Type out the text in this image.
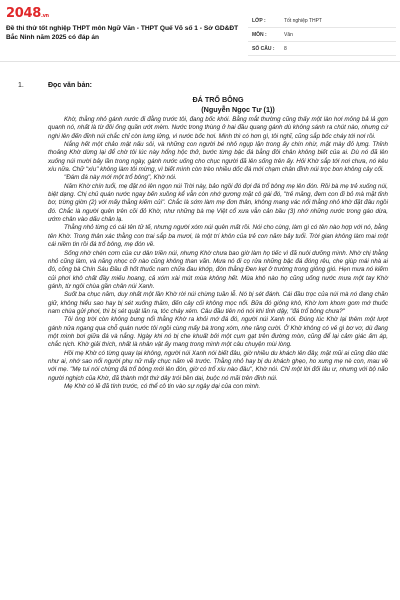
2048.vn
Đề thi thử tốt nghiệp THPT môn Ngữ Văn - THPT Quế Võ số 1 - Sở GD&ĐT Bắc Ninh năm 2025 có đáp án
LỚP :	Tốt nghiệp THPT
MÔN :	Văn
SỐ CÂU :	8
1.	Đọc văn bản:
ĐÁ TRỔ BÔNG
(Nguyễn Ngọc Tư (1))

Khờ, thằng nhỏ gánh nước đi đằng trước tôi, đang bốc khói. Bằng mắt thường cũng thấy một làn hơi mỏng bả lả gợn quanh nó, nhất là từ đôi ống quần ướt mèm. Nước trong thùng ở hai đầu quang gánh dù không sánh ra chút nào, nhưng cứ nghi lên đến đỉnh núi chắc chỉ còn lưng lửng, vì nước bốc hơi. Minh thì có hơn gì, tôi nghĩ, cũng sắp bốc cháy tới nơi rồi.

Nắng hết một chảo mật nấu sôi, và những con người bé nhỏ ngụp lặn trong ấy chín nhừ, mặt mày đỏ lựng. Thỉnh thoảng Khờ dừng lại để chờ tôi lúc này hổng hộc thở, bước từng bậc đá bằng đôi chân không biết của ai. Dù nó đã lên xuống núi mười bảy lần trong ngày, gánh nước uống cho chục người đã lên sống trên ấy. Hỏi Khờ sắp tới nơi chưa, nó kêu xíu nữa. Chữ "xíu" không làm tôi mừng, vì biết mình còn trèo nhiều dốc đá mới chạm chân đỉnh núi trọc bon không cây cối.

"Đám đá này mới một trổ bông", Khờ nói.

Năm Khờ chín tuổi, mẹ đặt nó lên ngọn núi Trời này, bảo ngồi đó đợi đá trổ bông mẹ lên đón. Rồi bà mẹ trẻ xuống núi, biệt dạng. Chị chủ quán nước ngay bến xuồng kể vẫn còn nhớ gương mặt cô gái đó, "trẻ măng, đem con đi bỏ mà mặt tỉnh bơ, trừng giờn (2) với mấy thằng kiếm củi". Chắc là sớm làm mẹ đơn thân, không mang vác nổi thằng nhỏ khờ đặt đâu ngồi đó. Chắc là người quên trên cõi đỏ Khờ, như những bà mẹ Việt cổ xưa vẫn cản bầu (3) nhớ những nước trong gáo dừa, ướm chân vào dấu chân lạ.

Thằng nhỏ từng có cái tên tử tế, nhưng người xóm núi quên mất rồi. Nói cho cùng, làm gì có tên nào hợp với nó, bằng tên Khờ. Trong thân xác thằng con trai sắp ba mươi, là một trí khôn của trẻ con năm bảy tuổi. Trời gian không làm mai một cái niềm tin rồi đá trổ bông, mẹ đón về.

Sống nhờ chén cơm của cư dân triền núi, nhưng Khờ chưa bao giờ làm họ tiếc vì đã nuôi dưỡng mình. Nhờ chị thằng nhỏ cũng làm, và năng nhọc cỡ nào cũng không than vãn. Mưa nó đi cọ rửa những bậc đá đóng rêu, che giùp mái nhà ai đó, cõng bà Chín Sáu Đầu đi hốt thuốc nam chữa đau khớp, đón thằng Đen kẹt ở trường trong giông gió. Hẹn mưa nó kiếm củi phơi khô chất đầy miếu hoang, cả xóm xài mút mùa không hết. Mùa khô nào họ cũng uống nước mưa một tay Khờ gánh, từ ngôi chùa gần chân núi Xanh.

Suốt ba chục năm, duy nhất một lần Khờ rời núi chừng tuần lễ. Nó bị sét đánh. Cái đầu trọc của núi mà nó đang chăn giữ, không hiểu sao hay bị sét xuống thăm, đến cây cối không mọc nổi. Bữa đó giông khô, Khờ lom khom gom mớ thuốc nam chùa gửi phơi, thì bị sét quật lăn ra, tóc cháy xém. Câu đầu tiên nó nói khi tỉnh dậy, "đá trổ bông chưa?"

Tôi ông trời còn không bưng nổi thằng Khờ ra khỏi mớ đá đó, người núi Xanh nói. Đúng lúc Khờ lại thêm một lượt gánh nửa ngang qua chỗ quán nước tôi ngồi cùng mấy bà trong xóm, nhe răng cười. Ở Khờ không có vẻ gì bơ vơ, dù đang một mình bơi giữa đá và nắng. Ngày khi nó bị che khuất bởi một cụm gạt trên đường mòn, cũng để lại cảm giác ấm áp, chắc nịch. Khờ giải thích, nhất là nhân vật ấy mang trong mình một câu chuyện mùi lòng.

Hồi mẹ Khờ có từng quay lại không, người núi Xanh nói biết đâu, giờ nhiều du khách lên đây, mặt mũi ai cũng đáo dác như ai, nhớ sao nổi người phụ nữ mấy chục năm về trước. Thằng nhỏ hay bị du khách ghẹo, ho xưng mẹ nè con, mau về với mẹ. "Mẹ tui nói chừng đá trổ bông mới lên đón, giờ có trổ xíu nào đâu", Khờ nói. Chỉ một lời đối lâu ư, nhưng với bộ não người nghịch của Khờ, đã thành một thứ dây trói bền dai, buộc nó mãi trên đỉnh núi.

Mẹ Khờ có lẽ đã tính trước, có thể cô tin vào sự ngây dại của con mình.
